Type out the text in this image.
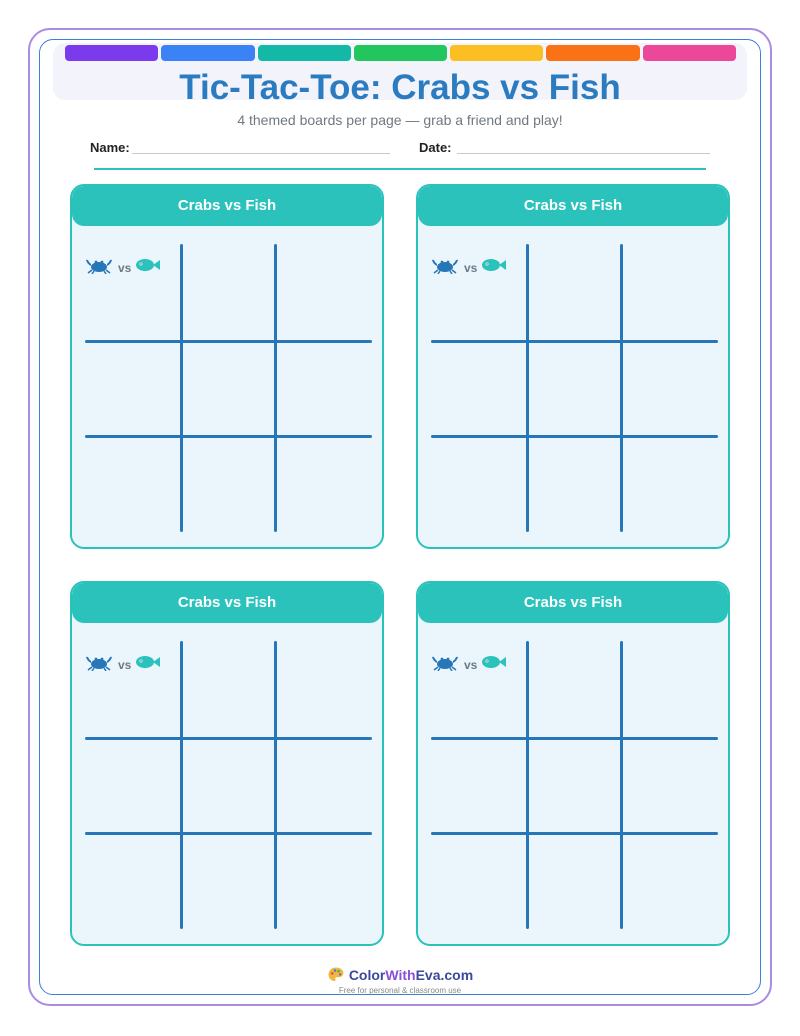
Tic-Tac-Toe: Crabs vs Fish
4 themed boards per page — grab a friend and play!
Name:	Date:
Crabs vs Fish
vs
Crabs vs Fish
vs
Crabs vs Fish
vs
Crabs vs Fish
vs
ColorWithEva.com
Free for personal & classroom use
